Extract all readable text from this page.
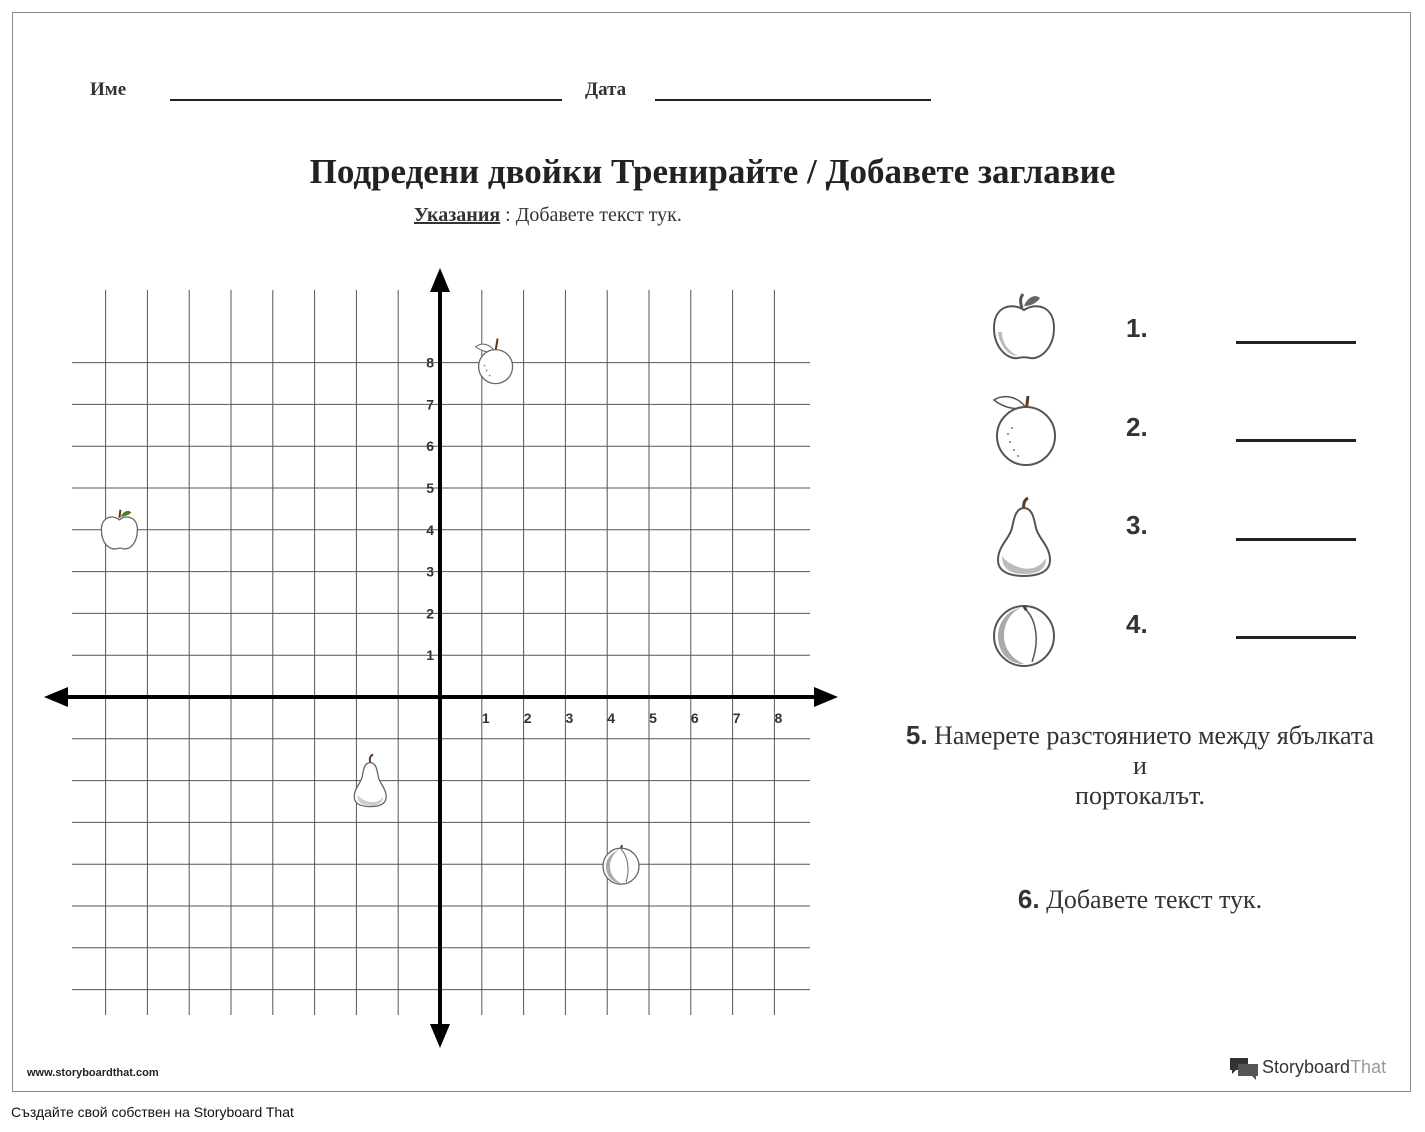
Име	Дата
Подредени двойки Тренирайте / Добавете заглавие
Указания : Добавете текст тук.
1 2 3 4 5 6 7 8
1
2
3
4
5
6
7
8
1.
2.
3.
4.
5. Намерете разстоянието между ябълката
и
портокалът.
6. Добавете текст тук.
www.storyboardthat.com	StoryboardThat
Създайте свой собствен на Storyboard That
